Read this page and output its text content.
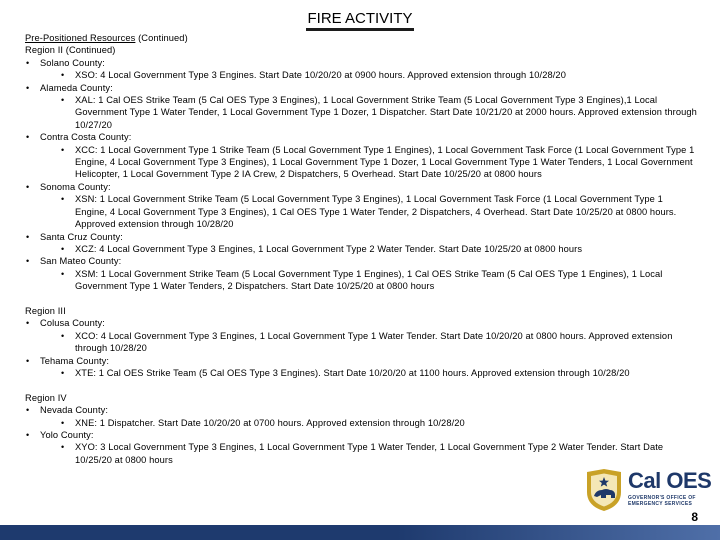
FIRE ACTIVITY

Pre-Positioned Resources (Continued)

Region II (Continued)

• Solano County:

• XSO: 4 Local Government Type 3 Engines. Start Date 10/20/20 at 0900 hours. Approved extension through 10/28/20

• Alameda County:

• XAL: 1 Cal OES Strike Team (5 Cal OES Type 3 Engines), 1 Local Government Strike Team (5 Local Government Type 3 Engines),1 Local Government Type 1 Water Tender, 1 Local Government Type 1 Dozer, 1 Dispatcher. Start Date 10/21/20 at 2000 hours. Approved extension through 10/27/20

• Contra Costa County:

• XCC: 1 Local Government Type 1 Strike Team (5 Local Government Type 1 Engines), 1 Local Government Task Force (1 Local Government Type 1 Engine, 4 Local Government Type 3 Engines), 1 Local Government Type 1 Dozer, 1 Local Government Type 1 Water Tenders, 1 Local Government Helicopter, 1 Local Government Type 2 IA Crew, 2 Dispatchers, 5 Overhead. Start Date 10/25/20 at 0800 hours

• Sonoma County:

• XSN: 1 Local Government Strike Team (5 Local Government Type 3 Engines), 1 Local Government Task Force (1 Local Government Type 1 Engine, 4 Local Government Type 3 Engines), 1 Cal OES Type 1 Water Tender, 2 Dispatchers, 4 Overhead. Start Date 10/25/20 at 0800 hours. Approved extension through 10/28/20

• Santa Cruz County:

• XCZ: 4 Local Government Type 3 Engines, 1 Local Government Type 2 Water Tender. Start Date 10/25/20 at 0800 hours

• San Mateo County:

• XSM: 1 Local Government Strike Team (5 Local Government Type 1 Engines), 1 Cal OES Strike Team (5 Cal OES Type 1 Engines), 1 Local Government Type 1 Water Tenders, 2 Dispatchers. Start Date 10/25/20 at 0800 hours

Region III

• Colusa County:

• XCO: 4 Local Government Type 3 Engines, 1 Local Government Type 1 Water Tender. Start Date 10/20/20 at 0800 hours. Approved extension through 10/28/20

• Tehama County:

• XTE: 1 Cal OES Strike Team (5 Cal OES Type 3 Engines). Start Date 10/20/20 at 1100 hours. Approved extension through 10/28/20

Region IV

• Nevada County:

• XNE: 1 Dispatcher. Start Date 10/20/20 at 0700 hours. Approved extension through 10/28/20

• Yolo County:

• XYO: 3 Local Government Type 3 Engines, 1 Local Government Type 1 Water Tender, 1 Local Government Type 2 Water Tender. Start Date 10/25/20 at 0800 hours

Cal OES
GOVERNOR'S OFFICE OF EMERGENCY SERVICES
8
